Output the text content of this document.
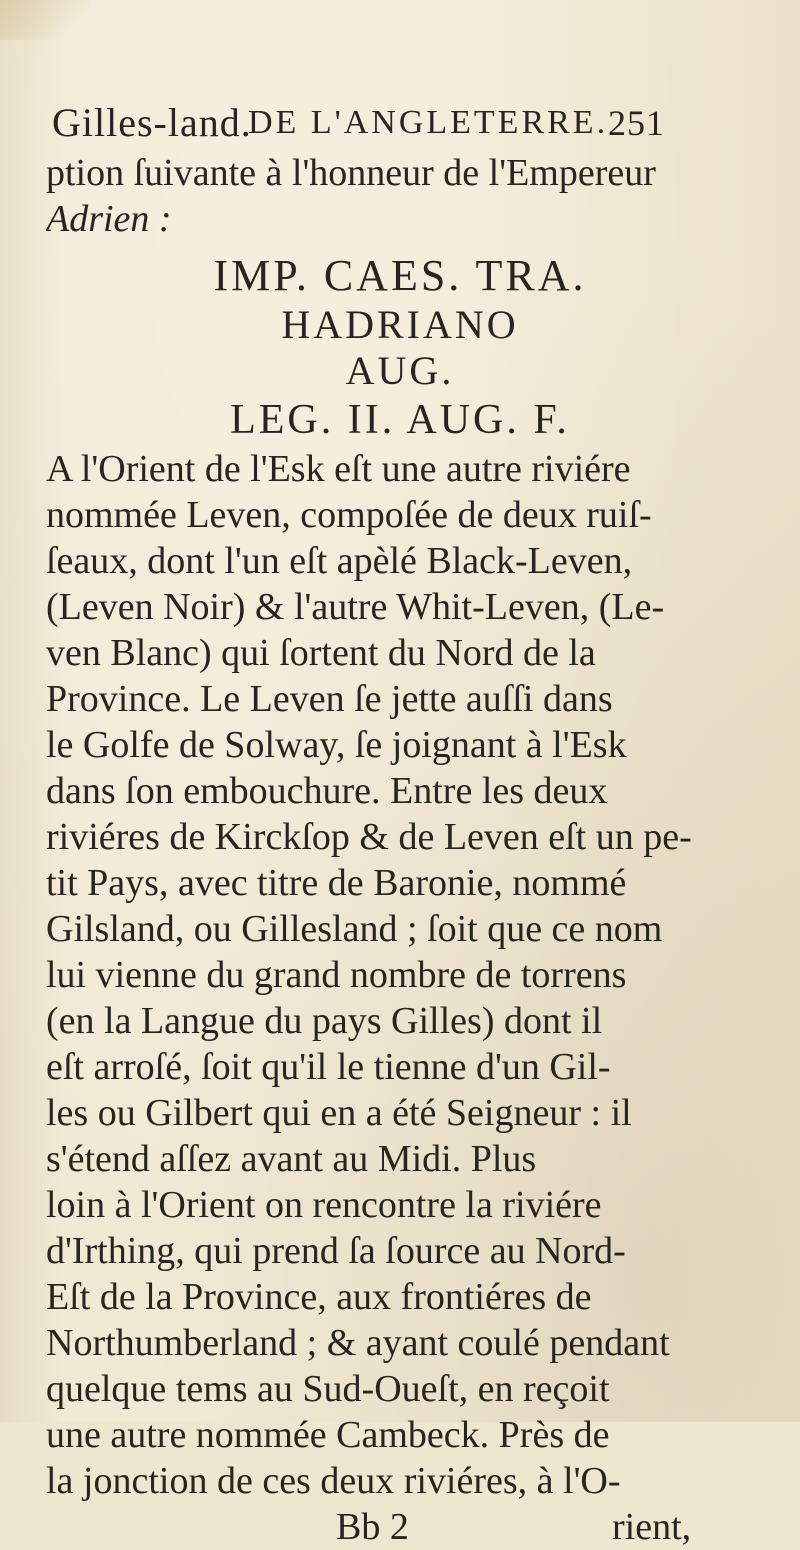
Gilles-land.
DE L'ANGLETERRE. 251
ption ſuivante à l'honneur de l'Empereur
Adrien :
IMP. CAES. TRA.
HADRIANO
AUG.
LEG. II. AUG. F.
A l'Orient de l'Esk eſt une autre riviére
nommée Leven, compoſée de deux ruiſ-
ſeaux, dont l'un eſt apèlé Black-Leven,
(Leven Noir) & l'autre Whit-Leven, (Le-
ven Blanc) qui ſortent du Nord de la
Province. Le Leven ſe jette auſſi dans
le Golfe de Solway, ſe joignant à l'Esk
dans ſon embouchure. Entre les deux
riviéres de Kirckſop & de Leven eſt un pe-
tit Pays, avec titre de Baronie, nommé
Gilsland, ou Gillesland ; ſoit que ce nom
lui vienne du grand nombre de torrens
(en la Langue du pays Gilles) dont il
eſt arroſé, ſoit qu'il le tienne d'un Gil-
les ou Gilbert qui en a été Seigneur : il
s'étend aſſez avant au Midi. Plus
loin à l'Orient on rencontre la riviére
d'Irthing, qui prend ſa ſource au Nord-
Eſt de la Province, aux frontiéres de
Northumberland ; & ayant coulé pendant
quelque tems au Sud-Oueſt, en reçoit
une autre nommée Cambeck. Près de
la jonction de ces deux riviéres, à l'O-
Bb 2	rient,
